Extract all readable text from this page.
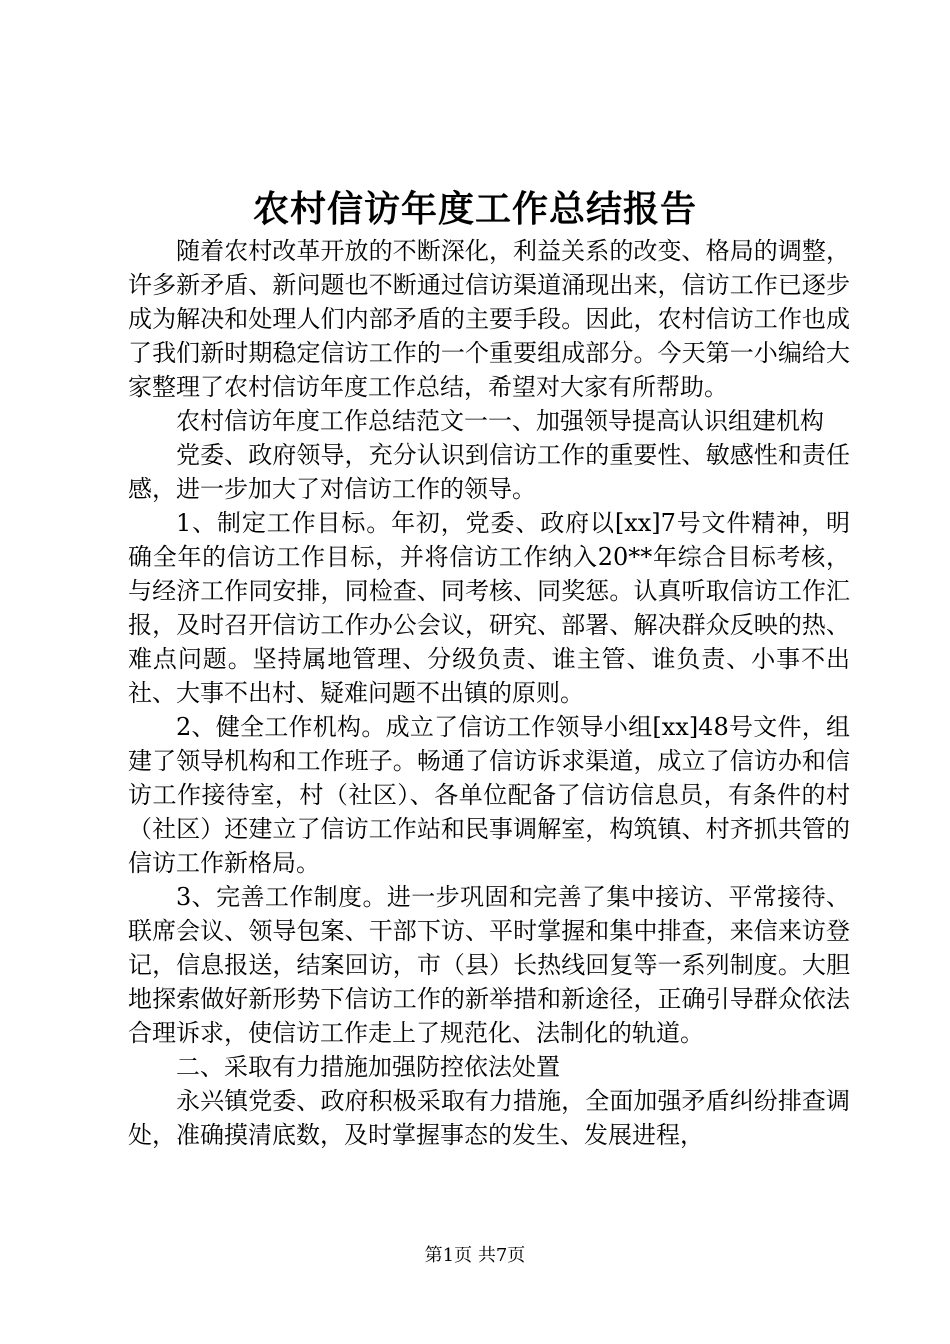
农村信访年度工作总结报告

随着农村改革开放的不断深化，利益关系的改变、格局的调整，许多新矛盾、新问题也不断通过信访渠道涌现出来，信访工作已逐步成为解决和处理人们内部矛盾的主要手段。因此，农村信访工作也成了我们新时期稳定信访工作的一个重要组成部分。今天第一小编给大家整理了农村信访年度工作总结，希望对大家有所帮助。

农村信访年度工作总结范文一一、加强领导提高认识组建机构

党委、政府领导，充分认识到信访工作的重要性、敏感性和责任感，进一步加大了对信访工作的领导。

1、制定工作目标。年初，党委、政府以[xx]7号文件精神，明确全年的信访工作目标，并将信访工作纳入20**年综合目标考核，与经济工作同安排，同检查、同考核、同奖惩。认真听取信访工作汇报，及时召开信访工作办公会议，研究、部署、解决群众反映的热、难点问题。坚持属地管理、分级负责、谁主管、谁负责、小事不出社、大事不出村、疑难问题不出镇的原则。

2、健全工作机构。成立了信访工作领导小组[xx]48号文件，组建了领导机构和工作班子。畅通了信访诉求渠道，成立了信访办和信访工作接待室，村（社区）、各单位配备了信访信息员，有条件的村（社区）还建立了信访工作站和民事调解室，构筑镇、村齐抓共管的信访工作新格局。

3、完善工作制度。进一步巩固和完善了集中接访、平常接待、联席会议、领导包案、干部下访、平时掌握和集中排查，来信来访登记，信息报送，结案回访，市（县）长热线回复等一系列制度。大胆地探索做好新形势下信访工作的新举措和新途径，正确引导群众依法合理诉求，使信访工作走上了规范化、法制化的轨道。

二、采取有力措施加强防控依法处置

永兴镇党委、政府积极采取有力措施，全面加强矛盾纠纷排查调处，准确摸清底数，及时掌握事态的发生、发展进程，

第1页 共7页
